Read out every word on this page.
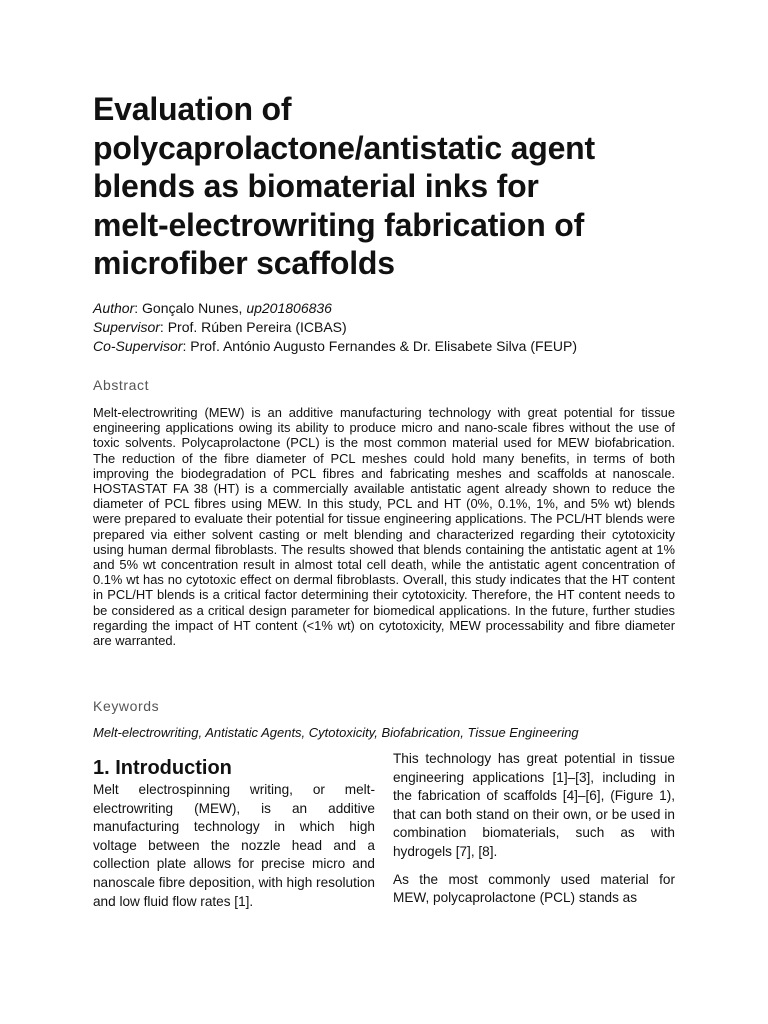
Evaluation of
polycaprolactone/antistatic agent
blends as biomaterial inks for
melt-electrowriting fabrication of
microfiber scaffolds
Author: Gonçalo Nunes, up201806836
Supervisor: Prof. Rúben Pereira (ICBAS)
Co-Supervisor: Prof. António Augusto Fernandes & Dr. Elisabete Silva (FEUP)
Abstract

Melt-electrowriting (MEW) is an additive manufacturing technology with great potential for tissue engineering applications owing its ability to produce micro and nano-scale fibres without the use of toxic solvents. Polycaprolactone (PCL) is the most common material used for MEW biofabrication. The reduction of the fibre diameter of PCL meshes could hold many benefits, in terms of both improving the biodegradation of PCL fibres and fabricating meshes and scaffolds at nanoscale. HOSTASTAT FA 38 (HT) is a commercially available antistatic agent already shown to reduce the diameter of PCL fibres using MEW. In this study, PCL and HT (0%, 0.1%, 1%, and 5% wt) blends were prepared to evaluate their potential for tissue engineering applications. The PCL/HT blends were prepared via either solvent casting or melt blending and characterized regarding their cytotoxicity using human dermal fibroblasts. The results showed that blends containing the antistatic agent at 1% and 5% wt concentration result in almost total cell death, while the antistatic agent concentration of 0.1% wt has no cytotoxic effect on dermal fibroblasts. Overall, this study indicates that the HT content in PCL/HT blends is a critical factor determining their cytotoxicity. Therefore, the HT content needs to be considered as a critical design parameter for biomedical applications. In the future, further studies regarding the impact of HT content (<1% wt) on cytotoxicity, MEW processability and fibre diameter are warranted.

Keywords
Melt-electrowriting, Antistatic Agents, Cytotoxicity, Biofabrication, Tissue Engineering
1. Introduction

Melt electrospinning writing, or melt-electrowriting (MEW), is an additive manufacturing technology in which high voltage between the nozzle head and a collection plate allows for precise micro and nanoscale fibre deposition, with high resolution and low fluid flow rates [1].

This technology has great potential in tissue engineering applications [1]–[3], including in the fabrication of scaffolds [4]–[6], (Figure 1), that can both stand on their own, or be used in combination biomaterials, such as with hydrogels [7], [8].

As the most commonly used material for MEW, polycaprolactone (PCL) stands as
